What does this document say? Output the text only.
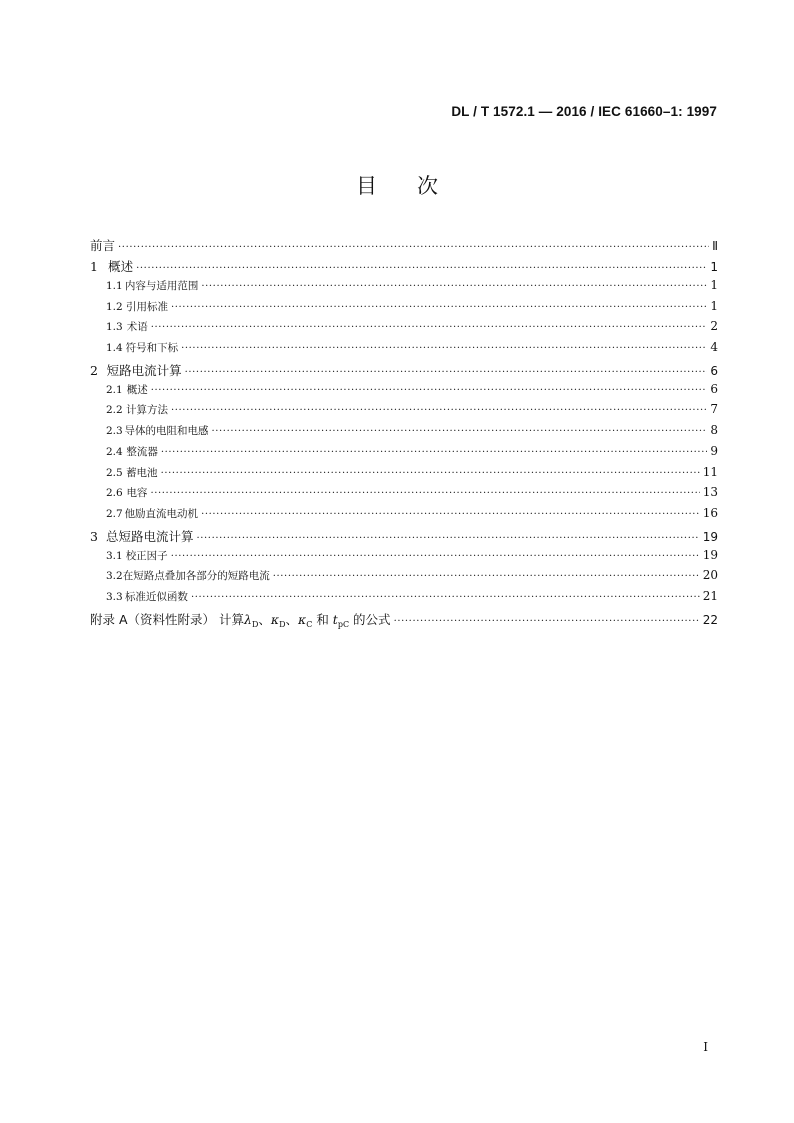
DL / T 1572.1 — 2016 / IEC 61660–1: 1997
目 次
前言 ·····	Ⅱ
1 概述 ·····	1
1.1 内容与适用范围 ·····	1
1.2 引用标准 ·····	1
1.3 术语 ·····	2
1.4 符号和下标 ·····	4
2 短路电流计算 ·····	6
2.1 概述 ·····	6
2.2 计算方法 ·····	7
2.3 导体的电阻和电感 ·····	8
2.4 整流器 ·····	9
2.5 蓄电池 ·····	11
2.6 电容 ·····	13
2.7 他励直流电动机 ·····	16
3 总短路电流计算 ·····	19
3.1 校正因子 ·····	19
3.2 在短路点叠加各部分的短路电流 ·····	20
3.3 标准近似函数 ·····	21
附录 A（资料性附录） 计算$\lambda_D$、$\kappa_D$、$\kappa_C$ 和 $t_{pC}$ 的公式 ·····	22
I
